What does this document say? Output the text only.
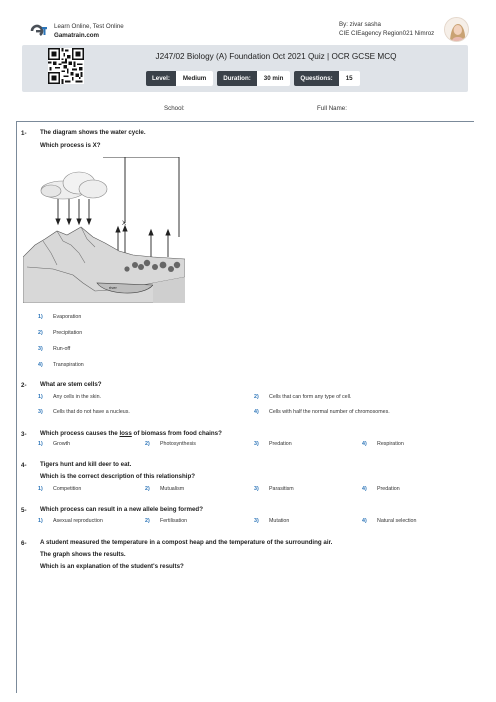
Learn Online, Test Online
Gamatrain.com
By: zivar sasha
CIE CIEagency Region021 Nimroz
J247/02 Biology (A) Foundation Oct 2021 Quiz | OCR GCSE MCQ
Level:	Medium	Duration:	30 min	Questions:	15
School:	Full Name:
1- The diagram shows the water cycle.
Which process is X?
X
river
1)	Evaporation
2)	Precipitation
3)	Run-off
4)	Transpiration
2- What are stem cells?
1)	Any cells in the skin.	2)	Cells that can form any type of cell.
3)	Cells that do not have a nucleus.	4)	Cells with half the normal number of chromosomes.
3- Which process causes the loss of biomass from food chains?
1)	Growth	2)	Photosynthesis	3)	Predation	4)	Respiration
4- Tigers hunt and kill deer to eat.
Which is the correct description of this relationship?
1)	Competition	2)	Mutualism	3)	Parasitism	4)	Predation
5- Which process can result in a new allele being formed?
1)	Asexual reproduction	2)	Fertilisation	3)	Mutation	4)	Natural selection
6- A student measured the temperature in a compost heap and the temperature of the surrounding air.
The graph shows the results.
Which is an explanation of the student's results?
